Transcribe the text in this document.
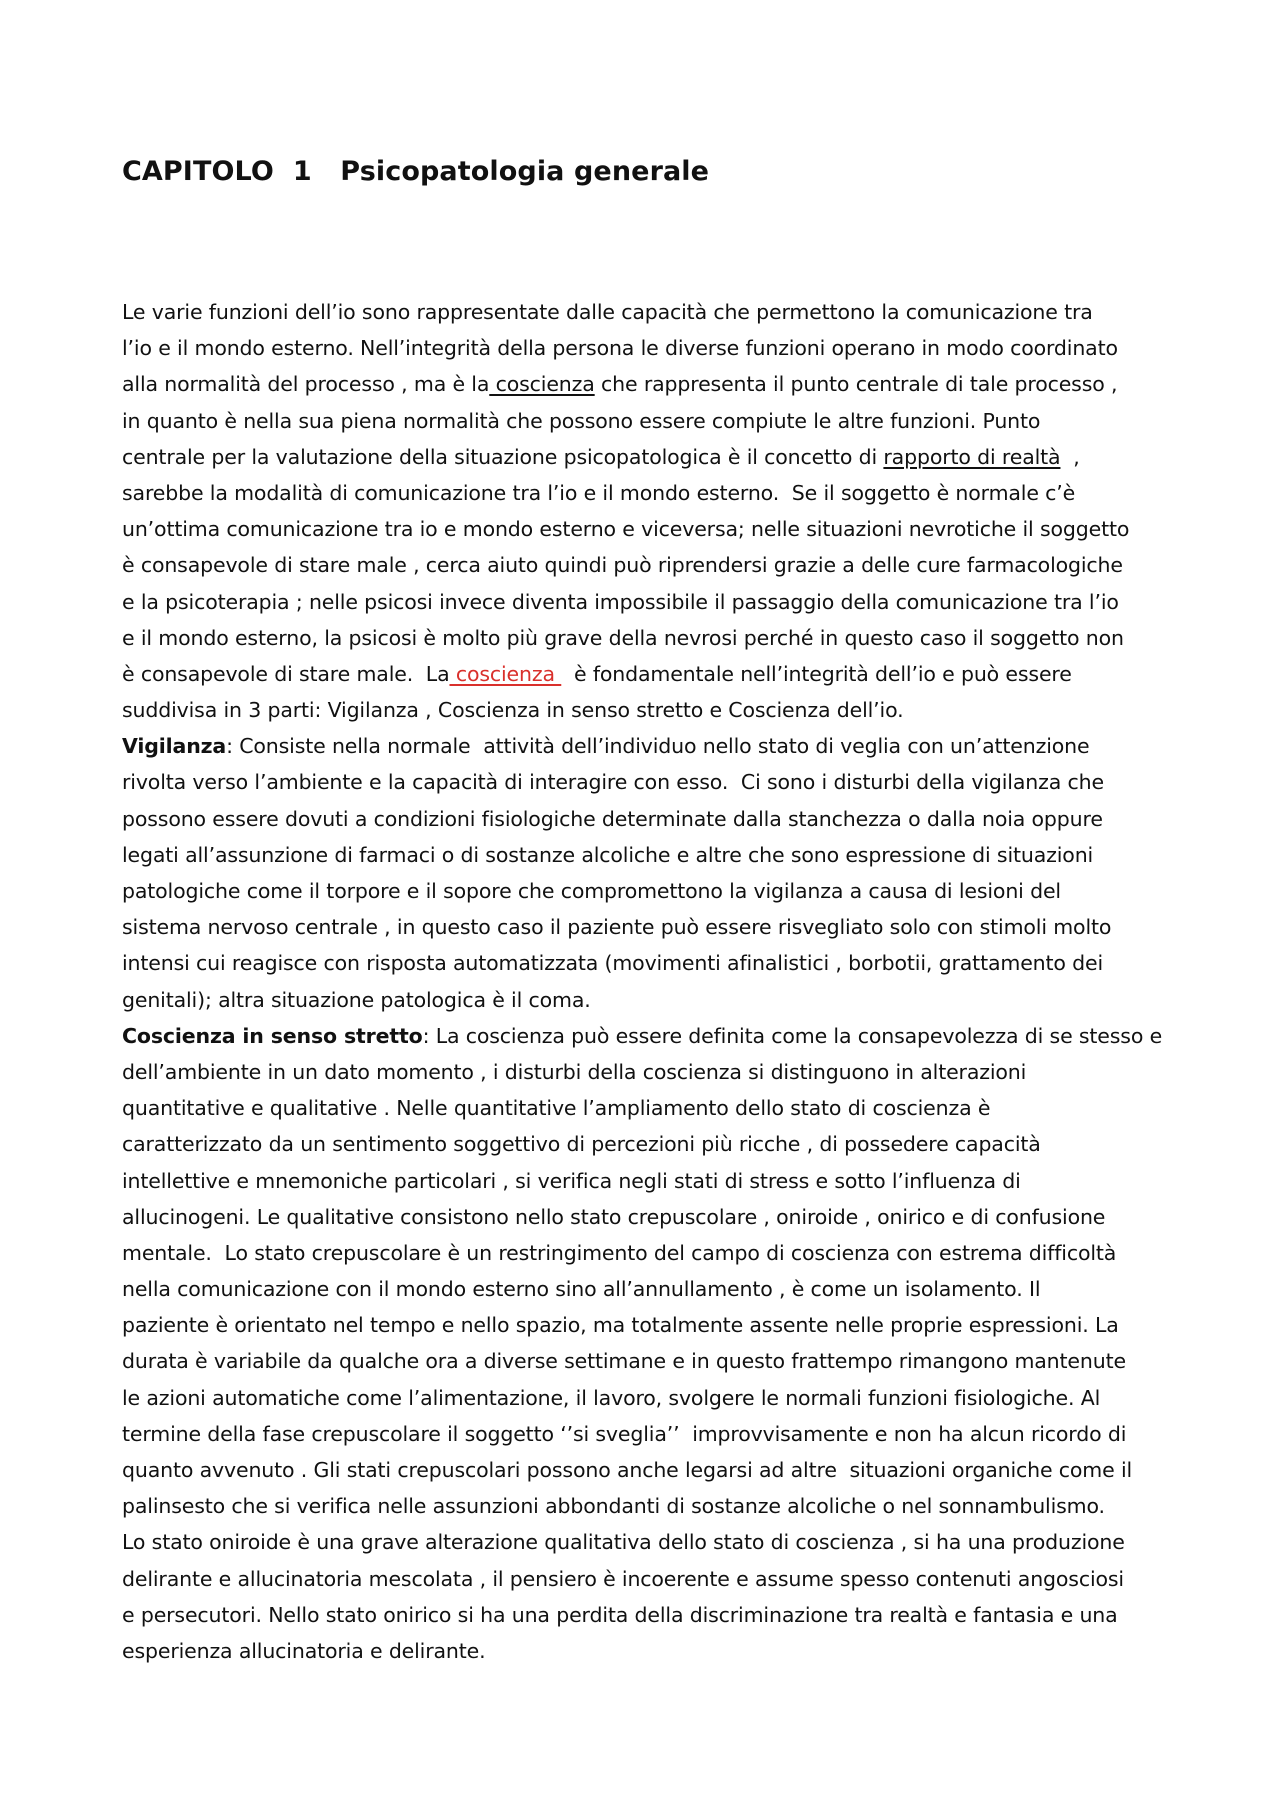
CAPITOLO  1 Psicopatologia generale
Le varie funzioni dell’io sono rappresentate dalle capacità che permettono la comunicazione tra
l’io e il mondo esterno. Nell’integrità della persona le diverse funzioni operano in modo coordinato
alla normalità del processo , ma è la coscienza che rappresenta il punto centrale di tale processo ,
in quanto è nella sua piena normalità che possono essere compiute le altre funzioni. Punto
centrale per la valutazione della situazione psicopatologica è il concetto di rapporto di realtà  ,
sarebbe la modalità di comunicazione tra l’io e il mondo esterno.  Se il soggetto è normale c’è
un’ottima comunicazione tra io e mondo esterno e viceversa; nelle situazioni nevrotiche il soggetto
è consapevole di stare male , cerca aiuto quindi può riprendersi grazie a delle cure farmacologiche
e la psicoterapia ; nelle psicosi invece diventa impossibile il passaggio della comunicazione tra l’io
e il mondo esterno, la psicosi è molto più grave della nevrosi perché in questo caso il soggetto non
è consapevole di stare male.  La coscienza   è fondamentale nell’integrità dell’io e può essere
suddivisa in 3 parti: Vigilanza , Coscienza in senso stretto e Coscienza dell’io.
Vigilanza: Consiste nella normale  attività dell’individuo nello stato di veglia con un’attenzione
rivolta verso l’ambiente e la capacità di interagire con esso.  Ci sono i disturbi della vigilanza che
possono essere dovuti a condizioni fisiologiche determinate dalla stanchezza o dalla noia oppure
legati all’assunzione di farmaci o di sostanze alcoliche e altre che sono espressione di situazioni
patologiche come il torpore e il sopore che compromettono la vigilanza a causa di lesioni del
sistema nervoso centrale , in questo caso il paziente può essere risvegliato solo con stimoli molto
intensi cui reagisce con risposta automatizzata (movimenti afinalistici , borbotii, grattamento dei
genitali); altra situazione patologica è il coma.
Coscienza in senso stretto: La coscienza può essere definita come la consapevolezza di se stesso e
dell’ambiente in un dato momento , i disturbi della coscienza si distinguono in alterazioni
quantitative e qualitative . Nelle quantitative l’ampliamento dello stato di coscienza è
caratterizzato da un sentimento soggettivo di percezioni più ricche , di possedere capacità
intellettive e mnemoniche particolari , si verifica negli stati di stress e sotto l’influenza di
allucinogeni. Le qualitative consistono nello stato crepuscolare , oniroide , onirico e di confusione
mentale.  Lo stato crepuscolare è un restringimento del campo di coscienza con estrema difficoltà
nella comunicazione con il mondo esterno sino all’annullamento , è come un isolamento. Il
paziente è orientato nel tempo e nello spazio, ma totalmente assente nelle proprie espressioni. La
durata è variabile da qualche ora a diverse settimane e in questo frattempo rimangono mantenute
le azioni automatiche come l’alimentazione, il lavoro, svolgere le normali funzioni fisiologiche. Al
termine della fase crepuscolare il soggetto ‘’si sveglia’’  improvvisamente e non ha alcun ricordo di
quanto avvenuto . Gli stati crepuscolari possono anche legarsi ad altre  situazioni organiche come il
palinsesto che si verifica nelle assunzioni abbondanti di sostanze alcoliche o nel sonnambulismo.
Lo stato oniroide è una grave alterazione qualitativa dello stato di coscienza , si ha una produzione
delirante e allucinatoria mescolata , il pensiero è incoerente e assume spesso contenuti angosciosi
e persecutori. Nello stato onirico si ha una perdita della discriminazione tra realtà e fantasia e una
esperienza allucinatoria e delirante.
